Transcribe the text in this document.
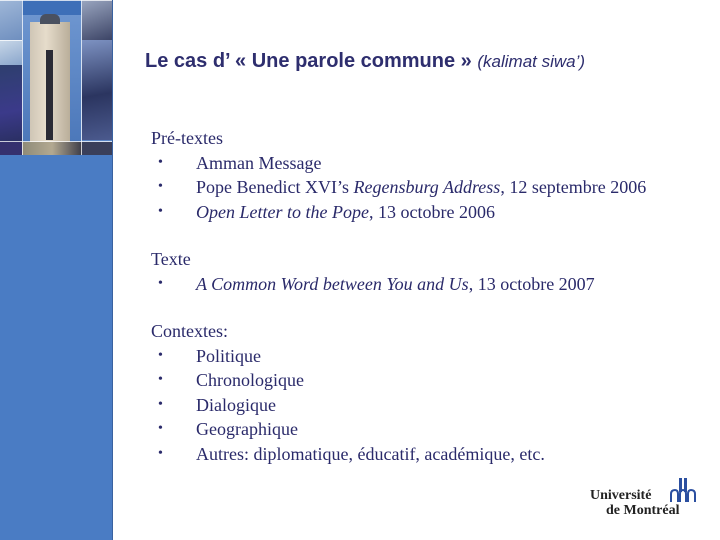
Le cas d’ « Une parole commune » (kalimat siwa’)
Pré-textes
• Amman Message
• Pope Benedict XVI’s Regensburg Address, 12 septembre 2006
• Open Letter to the Pope, 13 octobre 2006
Texte
• A Common Word between You and Us, 13 octobre 2007
Contextes:
• Politique
• Chronologique
• Dialogique
• Geographique
• Autres: diplomatique, éducatif, académique, etc.
Université
de Montréal
